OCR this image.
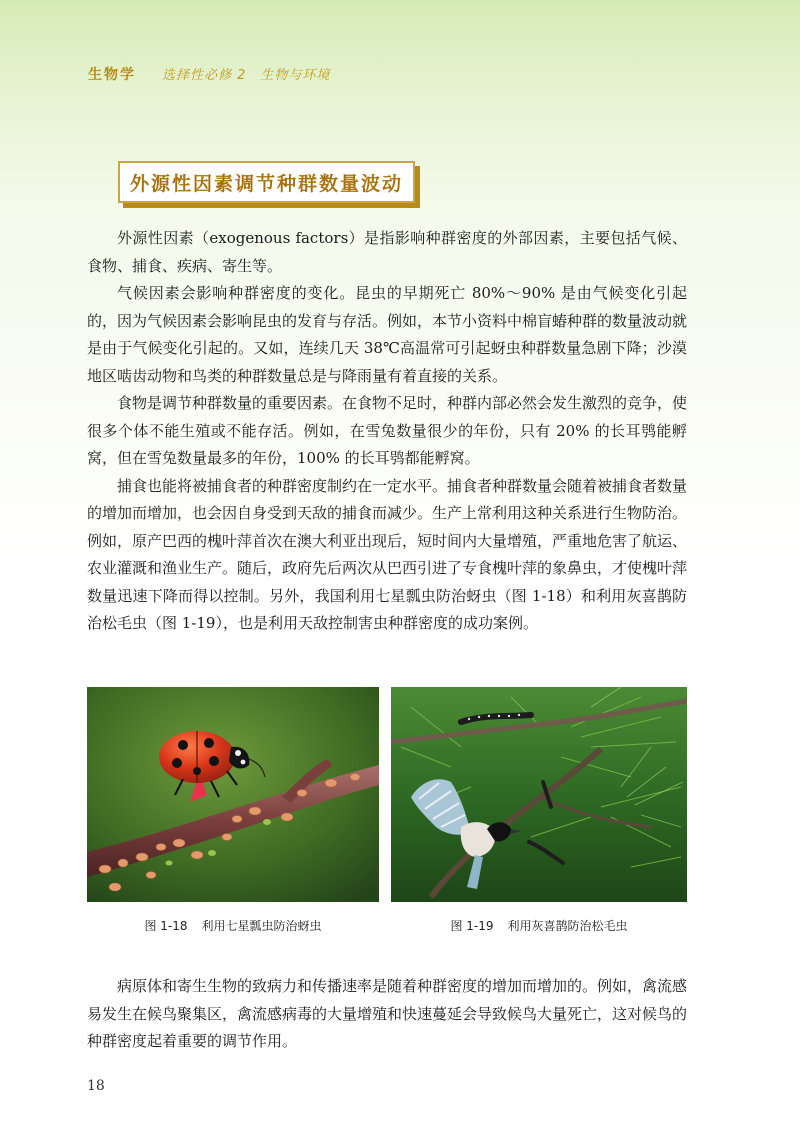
生物学 选择性必修 2　生物与环境
外源性因素调节种群数量波动

外源性因素（exogenous factors）是指影响种群密度的外部因素，主要包括气候、食物、捕食、疾病、寄生等。

气候因素会影响种群密度的变化。昆虫的早期死亡 80%～90% 是由气候变化引起的，因为气候因素会影响昆虫的发育与存活。例如，本节小资料中棉盲蝽种群的数量波动就是由于气候变化引起的。又如，连续几天 38℃高温常可引起蚜虫种群数量急剧下降；沙漠地区啮齿动物和鸟类的种群数量总是与降雨量有着直接的关系。

食物是调节种群数量的重要因素。在食物不足时，种群内部必然会发生激烈的竞争，使很多个体不能生殖或不能存活。例如，在雪兔数量很少的年份，只有 20% 的长耳鸮能孵窝，但在雪兔数量最多的年份，100% 的长耳鸮都能孵窝。

捕食也能将被捕食者的种群密度制约在一定水平。捕食者种群数量会随着被捕食者数量的增加而增加，也会因自身受到天敌的捕食而减少。生产上常利用这种关系进行生物防治。例如，原产巴西的槐叶萍首次在澳大利亚出现后，短时间内大量增殖，严重地危害了航运、农业灌溉和渔业生产。随后，政府先后两次从巴西引进了专食槐叶萍的象鼻虫，才使槐叶萍数量迅速下降而得以控制。另外，我国利用七星瓢虫防治蚜虫（图 1-18）和利用灰喜鹊防治松毛虫（图 1-19），也是利用天敌控制害虫种群密度的成功案例。

图 1-18 利用七星瓢虫防治蚜虫	图 1-19 利用灰喜鹊防治松毛虫

病原体和寄生生物的致病力和传播速率是随着种群密度的增加而增加的。例如，禽流感易发生在候鸟聚集区，禽流感病毒的大量增殖和快速蔓延会导致候鸟大量死亡，这对候鸟的种群密度起着重要的调节作用。

18
